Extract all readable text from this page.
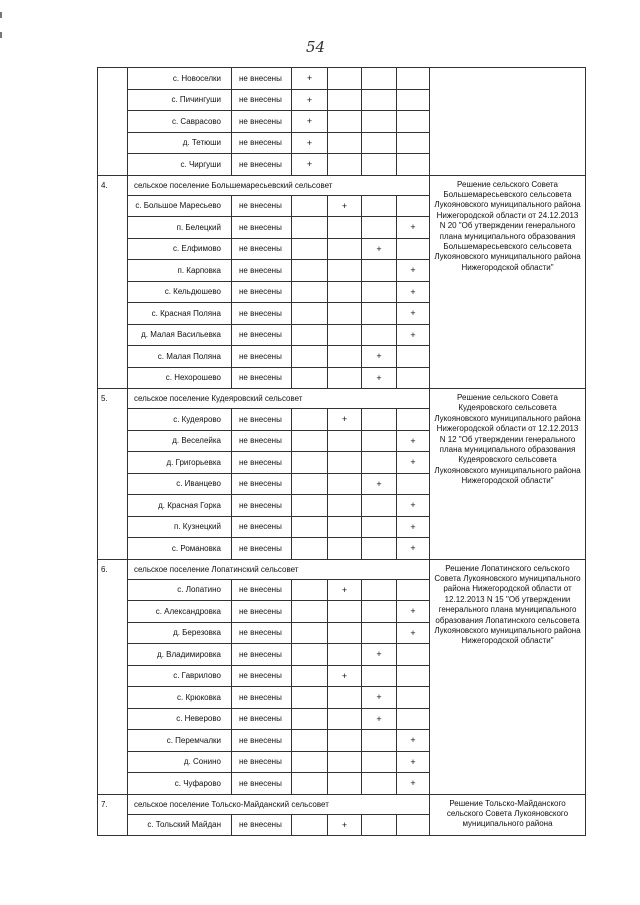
54
	с. Новоселки	не внесены	+				
	с. Пичингуши	не внесены	+				
	с. Саврасово	не внесены	+				
	д. Тетюши	не внесены	+				
	с. Чиргуши	не внесены	+				
4.	сельское поселение Большемаресьевский сельсовет						Решение сельского Совета Большемаресьевского сельсовета Лукояновского муниципального района Нижегородской области от 24.12.2013 N 20 "Об утверждении генерального плана муниципального образования Большемаресьевского сельсовета Лукояновского муниципального района Нижегородской области"
	с. Большое Маресьево	не внесены		+			
	п. Белецкий	не внесены				+	
	с. Елфимово	не внесены			+		
	п. Карповка	не внесены				+	
	с. Кельдюшево	не внесены				+	
	с. Красная Поляна	не внесены				+	
	д. Малая Васильевка	не внесены				+	
	с. Малая Поляна	не внесены			+		
	с. Нехорошево	не внесены			+		
5.	сельское поселение Кудеяровский сельсовет						Решение сельского Совета Кудеяровского сельсовета Лукояновского муниципального района Нижегородской области от 12.12.2013 N 12 "Об утверждении генерального плана муниципального образования Кудеяровского сельсовета Лукояновского муниципального района Нижегородской области"
	с. Кудеярово	не внесены		+			
	д. Веселейка	не внесены				+	
	д. Григорьевка	не внесены				+	
	с. Иванцево	не внесены			+		
	д. Красная Горка	не внесены				+	
	п. Кузнецкий	не внесены				+	
	с. Романовка	не внесены				+	
6.	сельское поселение Лопатинский сельсовет						Решение Лопатинского сельского Совета Лукояновского муниципального района Нижегородской области от 12.12.2013 N 15 "Об утверждении генерального плана муниципального образования Лопатинского сельсовета Лукояновского муниципального района Нижегородской области"
	с. Лопатино	не внесены		+			
	с. Александровка	не внесены				+	
	д. Березовка	не внесены				+	
	д. Владимировка	не внесены			+		
	с. Гаврилово	не внесены		+			
	с. Крюковка	не внесены			+		
	с. Неверово	не внесены			+		
	с. Перемчалки	не внесены				+	
	д. Сонино	не внесены				+	
	с. Чуфарово	не внесены				+	
7.	сельское поселение Тольско-Майданский сельсовет						Решение Тольско-Майданского сельского Совета Лукояновского муниципального района
	с. Тольский Майдан	не внесены		+			
